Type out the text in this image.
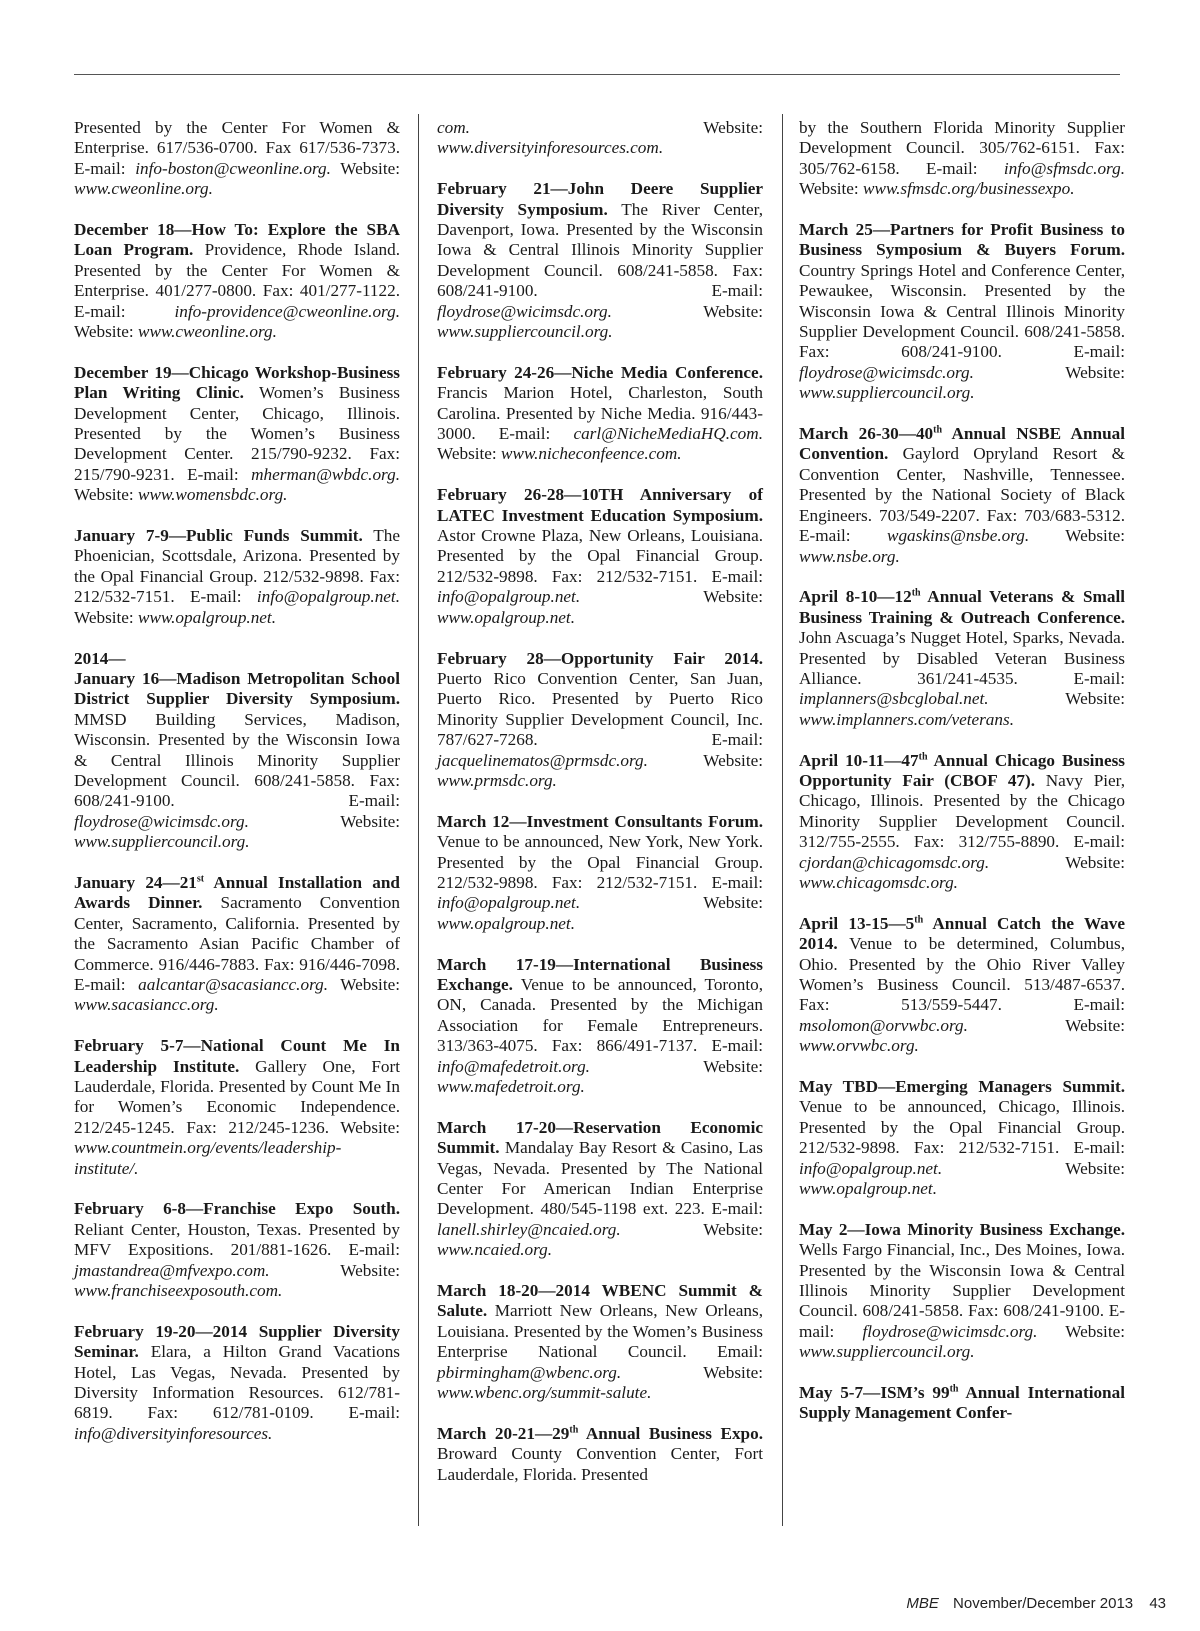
Presented by the Center For Women & Enterprise. 617/536-0700. Fax 617/536-7373. E-mail: info-boston@cweonline.org. Website: www.cweonline.org.
December 18—How To: Explore the SBA Loan Program. Providence, Rhode Island. Presented by the Center For Women & Enterprise. 401/277-0800. Fax: 401/277-1122. E-mail: info-providence@cweonline.org. Website: www.cweonline.org.
December 19—Chicago Workshop-Business Plan Writing Clinic. Women’s Business Development Center, Chicago, Illinois. Presented by the Women’s Business Development Center. 215/790-9232. Fax: 215/790-9231. E-mail: mherman@wbdc.org. Website: www.womensbdc.org.
January 7-9—Public Funds Summit. The Phoenician, Scottsdale, Arizona. Presented by the Opal Financial Group. 212/532-9898. Fax: 212/532-7151. E-mail: info@opalgroup.net. Website: www.opalgroup.net.
2014—
January 16—Madison Metropolitan School District Supplier Diversity Symposium. MMSD Building Services, Madison, Wisconsin. Presented by the Wisconsin Iowa & Central Illinois Minority Supplier Development Council. 608/241-5858. Fax: 608/241-9100. E-mail: floydrose@wicimsdc.org. Website: www.suppliercouncil.org.
January 24—21st Annual Installation and Awards Dinner. Sacramento Convention Center, Sacramento, California. Presented by the Sacramento Asian Pacific Chamber of Commerce. 916/446-7883. Fax: 916/446-7098. E-mail: aalcantar@sacasiancc.org. Website: www.sacasiancc.org.
February 5-7—National Count Me In Leadership Institute. Gallery One, Fort Lauderdale, Florida. Presented by Count Me In for Women’s Economic Independence. 212/245-1245. Fax: 212/245-1236. Website: www.countmein.org/events/leadership-institute/.
February 6-8—Franchise Expo South. Reliant Center, Houston, Texas. Presented by MFV Expositions. 201/881-1626. E-mail: jmastandrea@mfvexpo.com. Website: www.franchiseexposouth.com.
February 19-20—2014 Supplier Diversity Seminar. Elara, a Hilton Grand Vacations Hotel, Las Vegas, Nevada. Presented by Diversity Information Resources. 612/781-6819. Fax: 612/781-0109. E-mail: info@diversityinforesources.
com. Website: www.diversityinforesources.com.
February 21—John Deere Supplier Diversity Symposium. The River Center, Davenport, Iowa. Presented by the Wisconsin Iowa & Central Illinois Minority Supplier Development Council. 608/241-5858. Fax: 608/241-9100. E-mail: floydrose@wicimsdc.org. Website: www.suppliercouncil.org.
February 24-26—Niche Media Conference. Francis Marion Hotel, Charleston, South Carolina. Presented by Niche Media. 916/443-3000. E-mail: carl@NicheMediaHQ.com. Website: www.nicheconfeence.com.
February 26-28—10TH Anniversary of LATEC Investment Education Symposium. Astor Crowne Plaza, New Orleans, Louisiana. Presented by the Opal Financial Group. 212/532-9898. Fax: 212/532-7151. E-mail: info@opalgroup.net. Website: www.opalgroup.net.
February 28—Opportunity Fair 2014. Puerto Rico Convention Center, San Juan, Puerto Rico. Presented by Puerto Rico Minority Supplier Development Council, Inc. 787/627-7268. E-mail: jacquelinematos@prmsdc.org. Website: www.prmsdc.org.
March 12—Investment Consultants Forum. Venue to be announced, New York, New York. Presented by the Opal Financial Group. 212/532-9898. Fax: 212/532-7151. E-mail: info@opalgroup.net. Website: www.opalgroup.net.
March 17-19—International Business Exchange. Venue to be announced, Toronto, ON, Canada. Presented by the Michigan Association for Female Entrepreneurs. 313/363-4075. Fax: 866/491-7137. E-mail: info@mafedetroit.org. Website: www.mafedetroit.org.
March 17-20—Reservation Economic Summit. Mandalay Bay Resort & Casino, Las Vegas, Nevada. Presented by The National Center For American Indian Enterprise Development. 480/545-1198 ext. 223. E-mail: lanell.shirley@ncaied.org. Website: www.ncaied.org.
March 18-20—2014 WBENC Summit & Salute. Marriott New Orleans, New Orleans, Louisiana. Presented by the Women’s Business Enterprise National Council. Email: pbirmingham@wbenc.org. Website: www.wbenc.org/summit-salute.
March 20-21—29th Annual Business Expo. Broward County Convention Center, Fort Lauderdale, Florida. Presented
by the Southern Florida Minority Supplier Development Council. 305/762-6151. Fax: 305/762-6158. E-mail: info@sfmsdc.org. Website: www.sfmsdc.org/businessexpo.
March 25—Partners for Profit Business to Business Symposium & Buyers Forum. Country Springs Hotel and Conference Center, Pewaukee, Wisconsin. Presented by the Wisconsin Iowa & Central Illinois Minority Supplier Development Council. 608/241-5858. Fax: 608/241-9100. E-mail: floydrose@wicimsdc.org. Website: www.suppliercouncil.org.
March 26-30—40th Annual NSBE Annual Convention. Gaylord Opryland Resort & Convention Center, Nashville, Tennessee. Presented by the National Society of Black Engineers. 703/549-2207. Fax: 703/683-5312. E-mail: wgaskins@nsbe.org. Website: www.nsbe.org.
April 8-10—12th Annual Veterans & Small Business Training & Outreach Conference. John Ascuaga’s Nugget Hotel, Sparks, Nevada. Presented by Disabled Veteran Business Alliance. 361/241-4535. E-mail: implanners@sbcglobal.net. Website: www.implanners.com/veterans.
April 10-11—47th Annual Chicago Business Opportunity Fair (CBOF 47). Navy Pier, Chicago, Illinois. Presented by the Chicago Minority Supplier Development Council. 312/755-2555. Fax: 312/755-8890. E-mail: cjordan@chicagomsdc.org. Website: www.chicagomsdc.org.
April 13-15—5th Annual Catch the Wave 2014. Venue to be determined, Columbus, Ohio. Presented by the Ohio River Valley Women’s Business Council. 513/487-6537. Fax: 513/559-5447. E-mail: msolomon@orvwbc.org. Website: www.orvwbc.org.
May TBD—Emerging Managers Summit. Venue to be announced, Chicago, Illinois. Presented by the Opal Financial Group. 212/532-9898. Fax: 212/532-7151. E-mail: info@opalgroup.net. Website: www.opalgroup.net.
May 2—Iowa Minority Business Exchange. Wells Fargo Financial, Inc., Des Moines, Iowa. Presented by the Wisconsin Iowa & Central Illinois Minority Supplier Development Council. 608/241-5858. Fax: 608/241-9100. E-mail: floydrose@wicimsdc.org. Website: www.suppliercouncil.org.
May 5-7—ISM’s 99th Annual International Supply Management Confer-
MBE November/December 2013 43
